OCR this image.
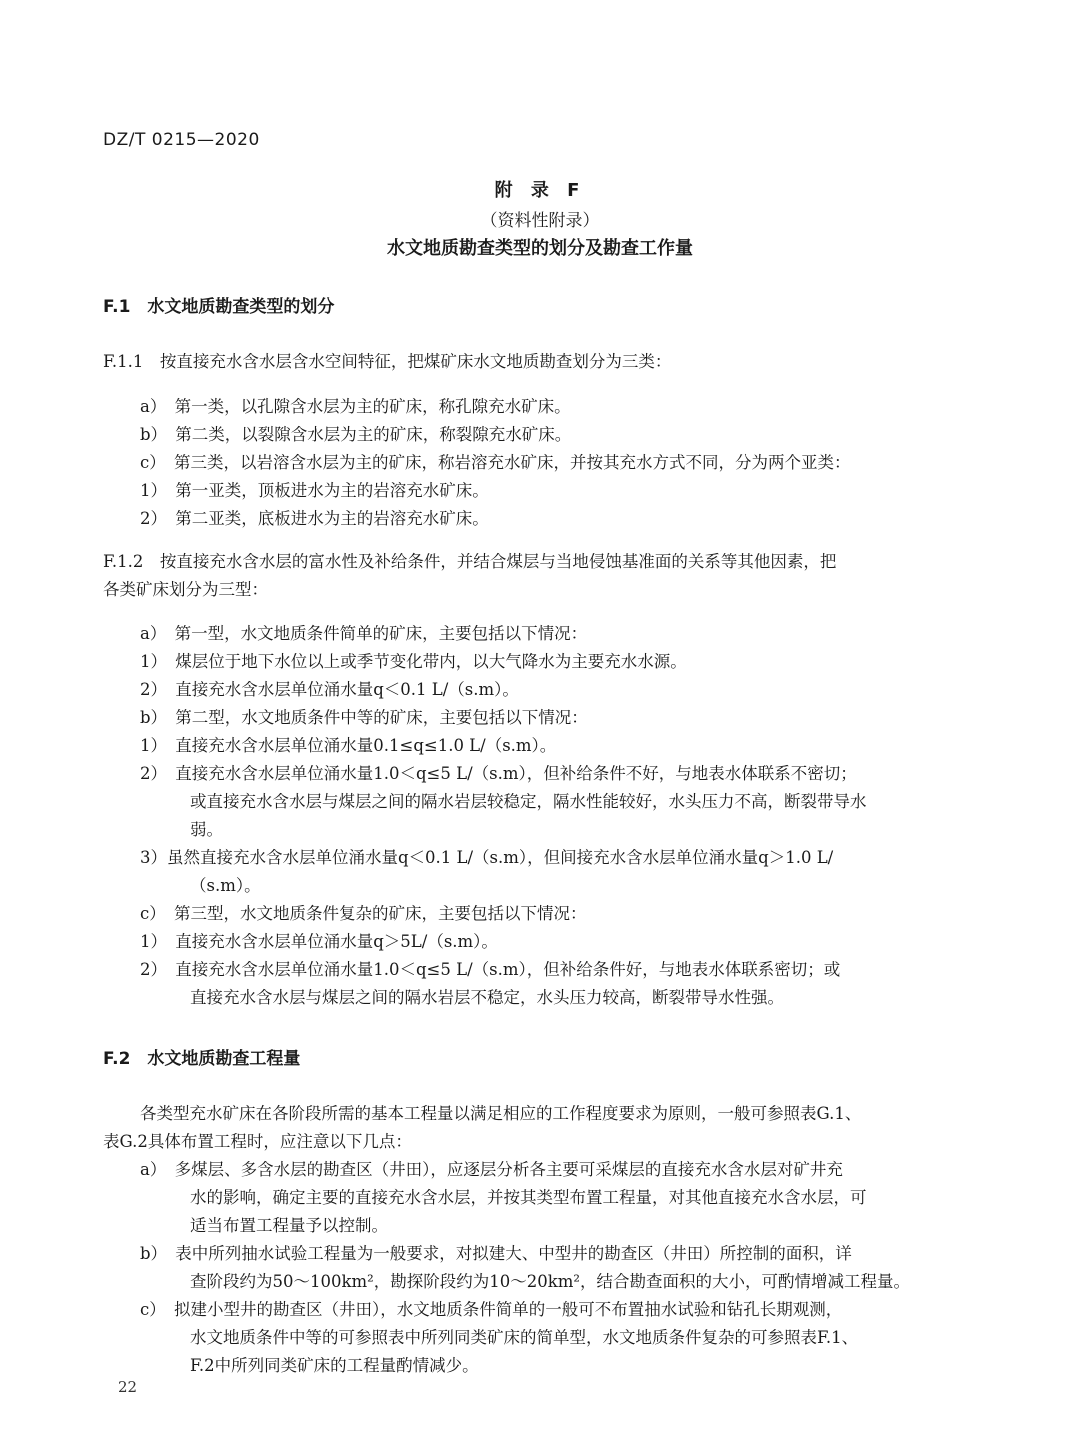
DZ/T 0215—2020
附 录 F
（资料性附录）
水文地质勘查类型的划分及勘查工作量
F.1　水文地质勘查类型的划分
F.1.1　按直接充水含水层含水空间特征，把煤矿床水文地质勘查划分为三类：
a）　第一类，以孔隙含水层为主的矿床，称孔隙充水矿床。
b）　第二类，以裂隙含水层为主的矿床，称裂隙充水矿床。
c）　第三类，以岩溶含水层为主的矿床，称岩溶充水矿床，并按其充水方式不同，分为两个亚类：
1）　第一亚类，顶板进水为主的岩溶充水矿床。
2）　第二亚类，底板进水为主的岩溶充水矿床。
F.1.2　按直接充水含水层的富水性及补给条件，并结合煤层与当地侵蚀基准面的关系等其他因素，把
各类矿床划分为三型：
a）　第一型，水文地质条件简单的矿床，主要包括以下情况：
1）　煤层位于地下水位以上或季节变化带内，以大气降水为主要充水水源。
2）　直接充水含水层单位涌水量q＜0.1 L/（s.m）。
b）　第二型，水文地质条件中等的矿床，主要包括以下情况：
1）　直接充水含水层单位涌水量0.1≤q≤1.0 L/（s.m）。
2）　直接充水含水层单位涌水量1.0＜q≤5 L/（s.m），但补给条件不好，与地表水体联系不密切；
或直接充水含水层与煤层之间的隔水岩层较稳定，隔水性能较好，水头压力不高，断裂带导水
弱。
3）虽然直接充水含水层单位涌水量q＜0.1 L/（s.m），但间接充水含水层单位涌水量q＞1.0 L/
（s.m）。
c）　第三型，水文地质条件复杂的矿床，主要包括以下情况：
1）　直接充水含水层单位涌水量q＞5L/（s.m）。
2）　直接充水含水层单位涌水量1.0＜q≤5 L/（s.m），但补给条件好，与地表水体联系密切；或
直接充水含水层与煤层之间的隔水岩层不稳定，水头压力较高，断裂带导水性强。
F.2　水文地质勘查工程量
各类型充水矿床在各阶段所需的基本工程量以满足相应的工作程度要求为原则，一般可参照表G.1、
表G.2具体布置工程时，应注意以下几点：
a）　多煤层、多含水层的勘查区（井田），应逐层分析各主要可采煤层的直接充水含水层对矿井充
水的影响，确定主要的直接充水含水层，并按其类型布置工程量，对其他直接充水含水层，可
适当布置工程量予以控制。
b）　表中所列抽水试验工程量为一般要求，对拟建大、中型井的勘查区（井田）所控制的面积，详
查阶段约为50～100km²，勘探阶段约为10～20km²，结合勘查面积的大小，可酌情增减工程量。
c）　拟建小型井的勘查区（井田），水文地质条件简单的一般可不布置抽水试验和钻孔长期观测，
水文地质条件中等的可参照表中所列同类矿床的简单型，水文地质条件复杂的可参照表F.1、
F.2中所列同类矿床的工程量酌情减少。
22
